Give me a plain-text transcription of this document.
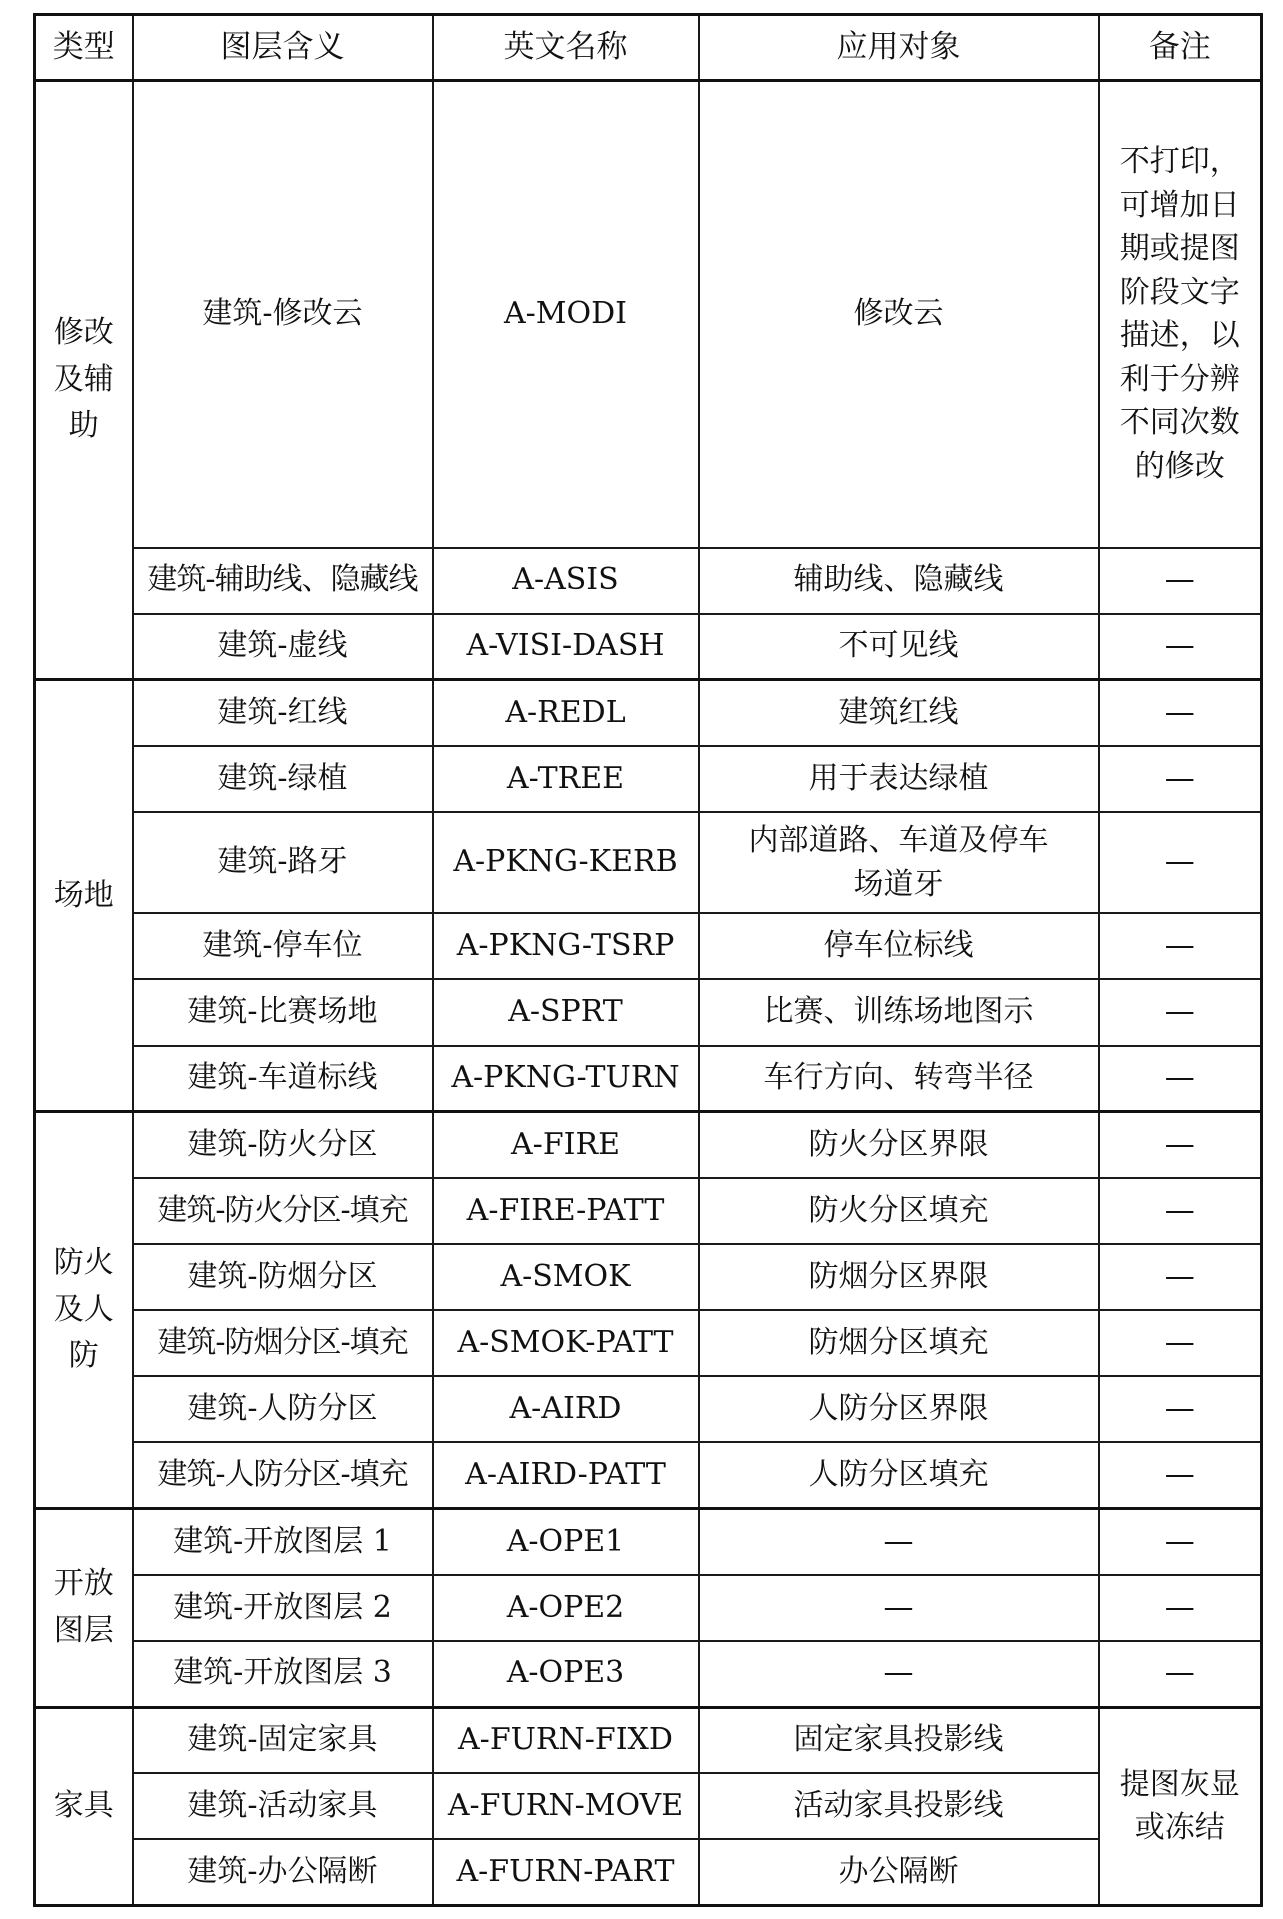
类型	图层含义	英文名称	应用对象	备注
修改及辅助	建筑-修改云	A-MODI	修改云	不打印，可增加日期或提图阶段文字描述，以利于分辨不同次数的修改
	建筑-辅助线、隐藏线	A-ASIS	辅助线、隐藏线	—
	建筑-虚线	A-VISI-DASH	不可见线	—
场地	建筑-红线	A-REDL	建筑红线	—
	建筑-绿植	A-TREE	用于表达绿植	—
	建筑-路牙	A-PKNG-KERB	内部道路、车道及停车场道牙	—
	建筑-停车位	A-PKNG-TSRP	停车位标线	—
	建筑-比赛场地	A-SPRT	比赛、训练场地图示	—
	建筑-车道标线	A-PKNG-TURN	车行方向、转弯半径	—
防火及人防	建筑-防火分区	A-FIRE	防火分区界限	—
	建筑-防火分区-填充	A-FIRE-PATT	防火分区填充	—
	建筑-防烟分区	A-SMOK	防烟分区界限	—
	建筑-防烟分区-填充	A-SMOK-PATT	防烟分区填充	—
	建筑-人防分区	A-AIRD	人防分区界限	—
	建筑-人防分区-填充	A-AIRD-PATT	人防分区填充	—
开放图层	建筑-开放图层 1	A-OPE1	—	—
	建筑-开放图层 2	A-OPE2	—	—
	建筑-开放图层 3	A-OPE3	—	—
家具	建筑-固定家具	A-FURN-FIXD	固定家具投影线	提图灰显或冻结
	建筑-活动家具	A-FURN-MOVE	活动家具投影线	
	建筑-办公隔断	A-FURN-PART	办公隔断	
